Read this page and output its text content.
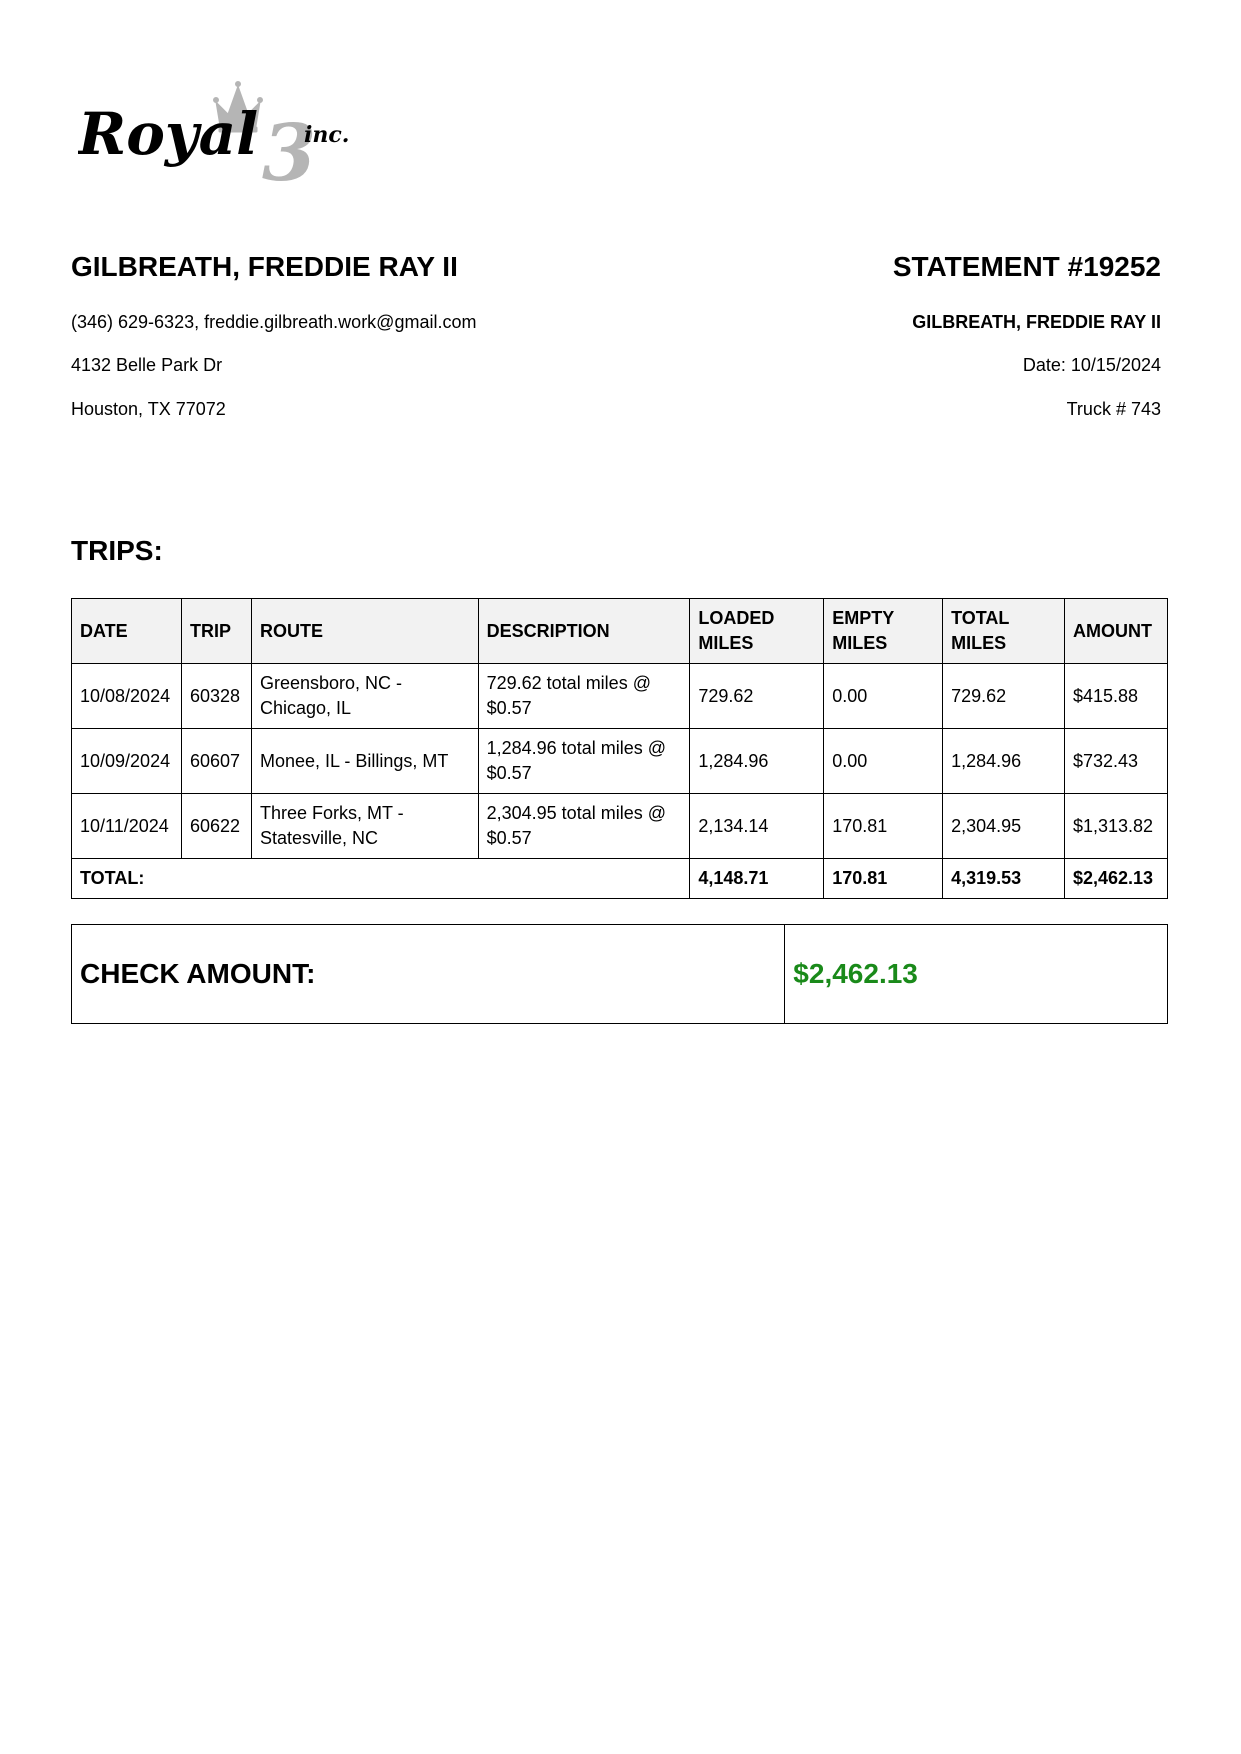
Royal 3
inc.
GILBREATH, FREDDIE RAY II

(346) 629-6323, freddie.gilbreath.work@gmail.com

4132 Belle Park Dr

Houston, TX 77072

STATEMENT #19252

GILBREATH, FREDDIE RAY II

Date: 10/15/2024

Truck # 743

TRIPS:
DATE	TRIP	ROUTE	DESCRIPTION	LOADED MILES	EMPTY MILES	TOTAL MILES	AMOUNT
10/08/2024	60328	Greensboro, NC - Chicago, IL	729.62 total miles @ $0.57	729.62	0.00	729.62	$415.88
10/09/2024	60607	Monee, IL - Billings, MT	1,284.96 total miles @ $0.57	1,284.96	0.00	1,284.96	$732.43
10/11/2024	60622	Three Forks, MT - Statesville, NC	2,304.95 total miles @ $0.57	2,134.14	170.81	2,304.95	$1,313.82
TOTAL:				4,148.71	170.81	4,319.53	$2,462.13
CHECK AMOUNT:	$2,462.13
